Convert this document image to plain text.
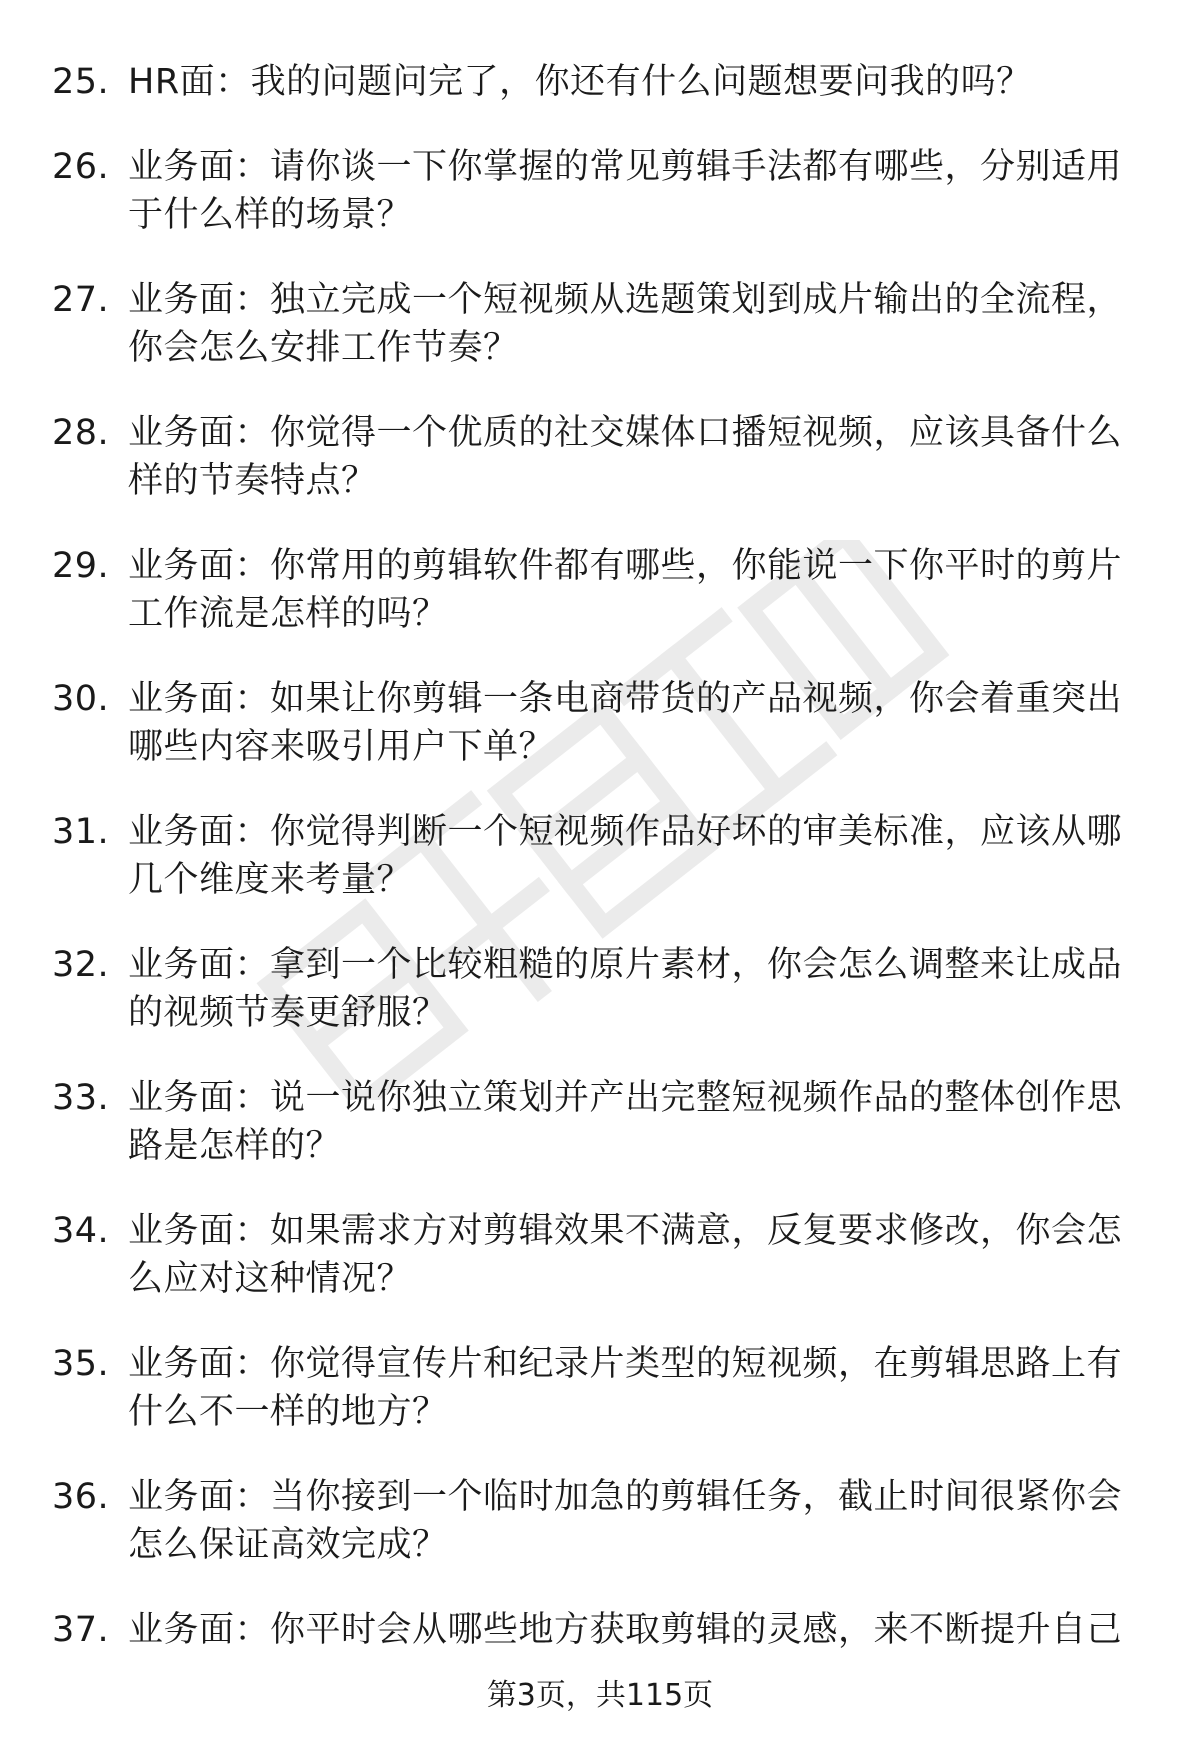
25. HR面：我的问题问完了，你还有什么问题想要问我的吗？
26. 业务面：请你谈一下你掌握的常见剪辑手法都有哪些，分别适用于什么样的场景？
27. 业务面：独立完成一个短视频从选题策划到成片输出的全流程，你会怎么安排工作节奏？
28. 业务面：你觉得一个优质的社交媒体口播短视频，应该具备什么样的节奏特点？
29. 业务面：你常用的剪辑软件都有哪些，你能说一下你平时的剪片工作流是怎样的吗？
30. 业务面：如果让你剪辑一条电商带货的产品视频，你会着重突出哪些内容来吸引用户下单？
31. 业务面：你觉得判断一个短视频作品好坏的审美标准，应该从哪几个维度来考量？
32. 业务面：拿到一个比较粗糙的原片素材，你会怎么调整来让成品的视频节奏更舒服？
33. 业务面：说一说你独立策划并产出完整短视频作品的整体创作思路是怎样的？
34. 业务面：如果需求方对剪辑效果不满意，反复要求修改，你会怎么应对这种情况？
35. 业务面：你觉得宣传片和纪录片类型的短视频，在剪辑思路上有什么不一样的地方？
36. 业务面：当你接到一个临时加急的剪辑任务，截止时间很紧你会怎么保证高效完成？
37. 业务面：你平时会从哪些地方获取剪辑的灵感，来不断提升自己
第3页，共115页
